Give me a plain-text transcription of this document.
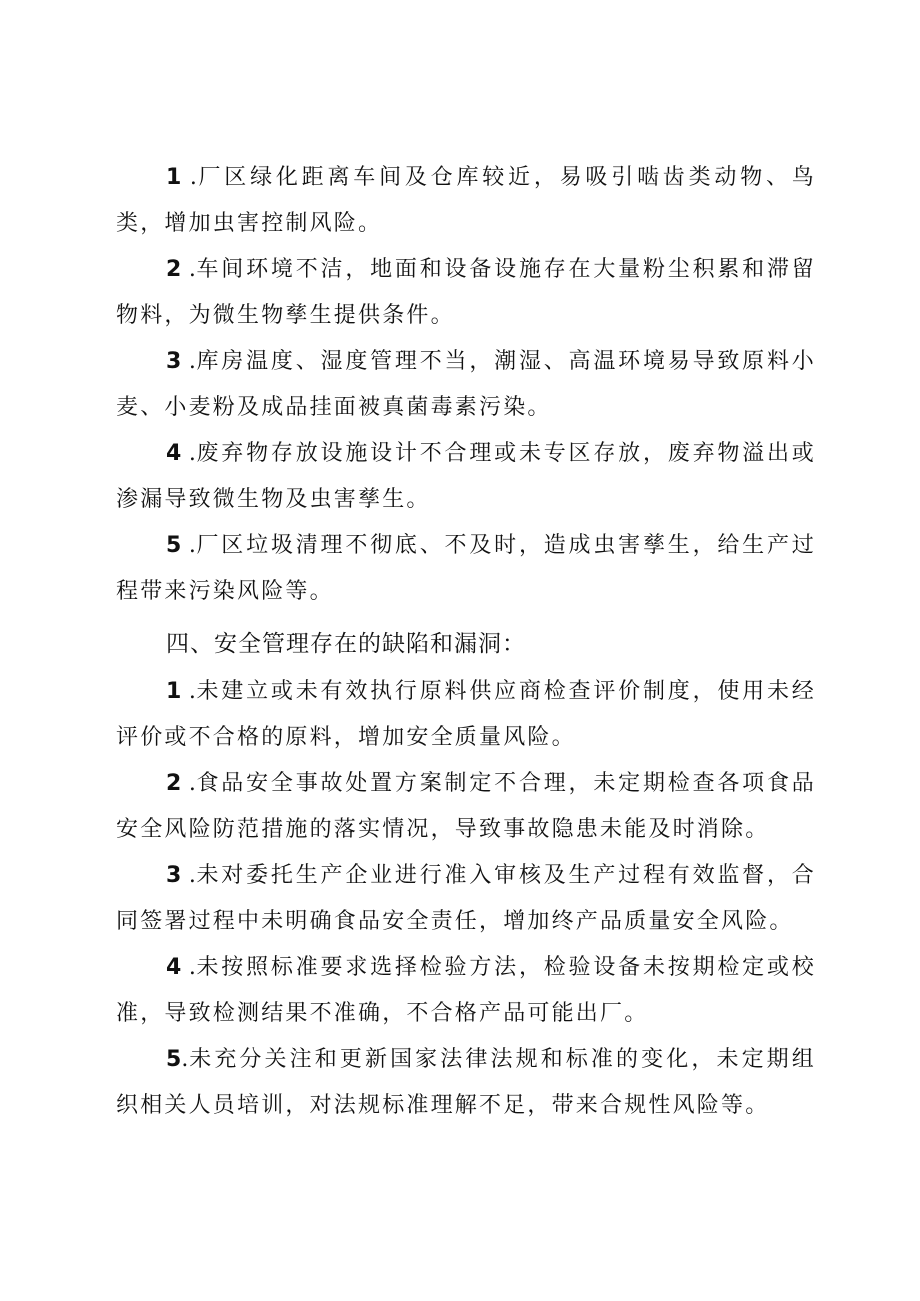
1 .厂区绿化距离车间及仓库较近，易吸引啮齿类动物、鸟类，增加虫害控制风险。

2 .车间环境不洁，地面和设备设施存在大量粉尘积累和滞留物料，为微生物孳生提供条件。

3 .库房温度、湿度管理不当，潮湿、高温环境易导致原料小麦、小麦粉及成品挂面被真菌毒素污染。

4 .废弃物存放设施设计不合理或未专区存放，废弃物溢出或渗漏导致微生物及虫害孳生。

5 .厂区垃圾清理不彻底、不及时，造成虫害孳生，给生产过程带来污染风险等。

四、安全管理存在的缺陷和漏洞：

1 .未建立或未有效执行原料供应商检查评价制度，使用未经评价或不合格的原料，增加安全质量风险。

2 .食品安全事故处置方案制定不合理，未定期检查各项食品安全风险防范措施的落实情况，导致事故隐患未能及时消除。

3 .未对委托生产企业进行准入审核及生产过程有效监督，合同签署过程中未明确食品安全责任，增加终产品质量安全风险。

4 .未按照标准要求选择检验方法，检验设备未按期检定或校准，导致检测结果不准确，不合格产品可能出厂。

5.未充分关注和更新国家法律法规和标准的变化，未定期组织相关人员培训，对法规标准理解不足，带来合规性风险等。
